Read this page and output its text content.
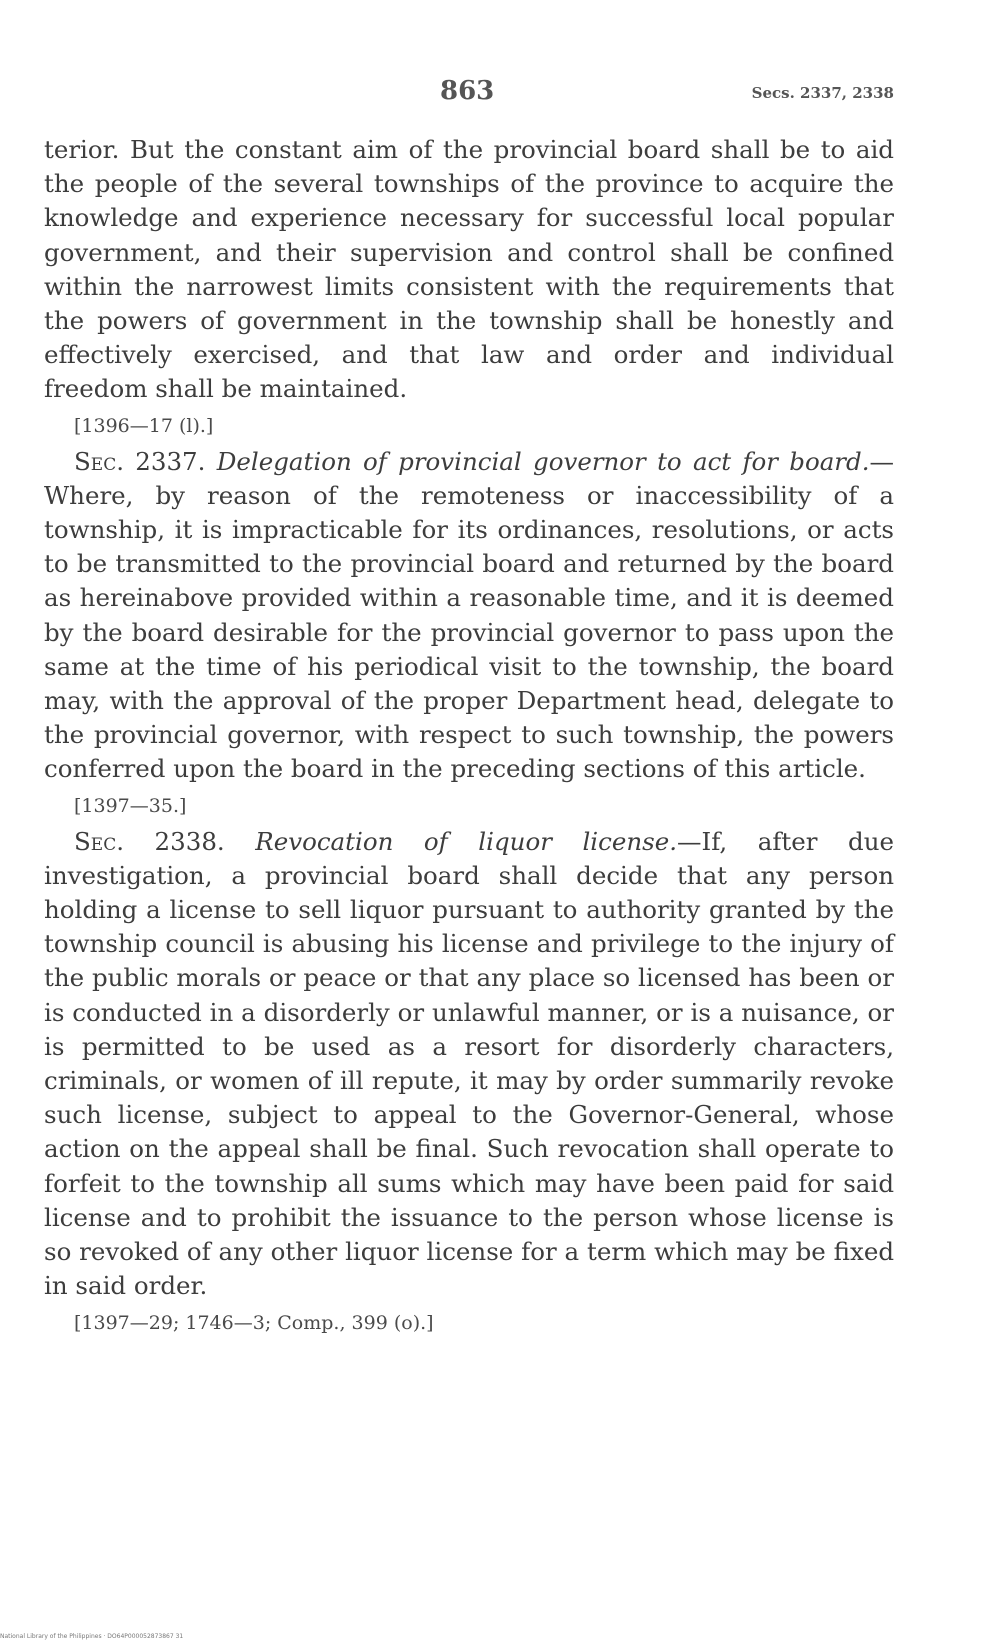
863	Secs. 2337, 2338

terior. But the constant aim of the provincial board shall be to aid the people of the several townships of the province to acquire the knowledge and experience necessary for successful local popular government, and their supervision and control shall be confined within the narrowest limits consistent with the requirements that the powers of government in the township shall be honestly and effectively exercised, and that law and order and individual freedom shall be maintained.

[1396—17 (l).]

Sec. 2337. Delegation of provincial governor to act for board.—Where, by reason of the remoteness or inaccessibility of a township, it is impracticable for its ordinances, resolutions, or acts to be transmitted to the provincial board and returned by the board as hereinabove provided within a reasonable time, and it is deemed by the board desirable for the provincial governor to pass upon the same at the time of his periodical visit to the township, the board may, with the approval of the proper Department head, delegate to the provincial governor, with respect to such township, the powers conferred upon the board in the preceding sections of this article.

[1397—35.]

Sec. 2338. Revocation of liquor license.—If, after due investigation, a provincial board shall decide that any person holding a license to sell liquor pursuant to authority granted by the township council is abusing his license and privilege to the injury of the public morals or peace or that any place so licensed has been or is conducted in a disorderly or unlawful manner, or is a nuisance, or is permitted to be used as a resort for disorderly characters, criminals, or women of ill repute, it may by order summarily revoke such license, subject to appeal to the Governor-General, whose action on the appeal shall be final. Such revocation shall operate to forfeit to the township all sums which may have been paid for said license and to prohibit the issuance to the person whose license is so revoked of any other liquor license for a term which may be fixed in said order.

[1397—29; 1746—3; Comp., 399 (o).]

National Library of the Philippines · DO64P000052873867 31
